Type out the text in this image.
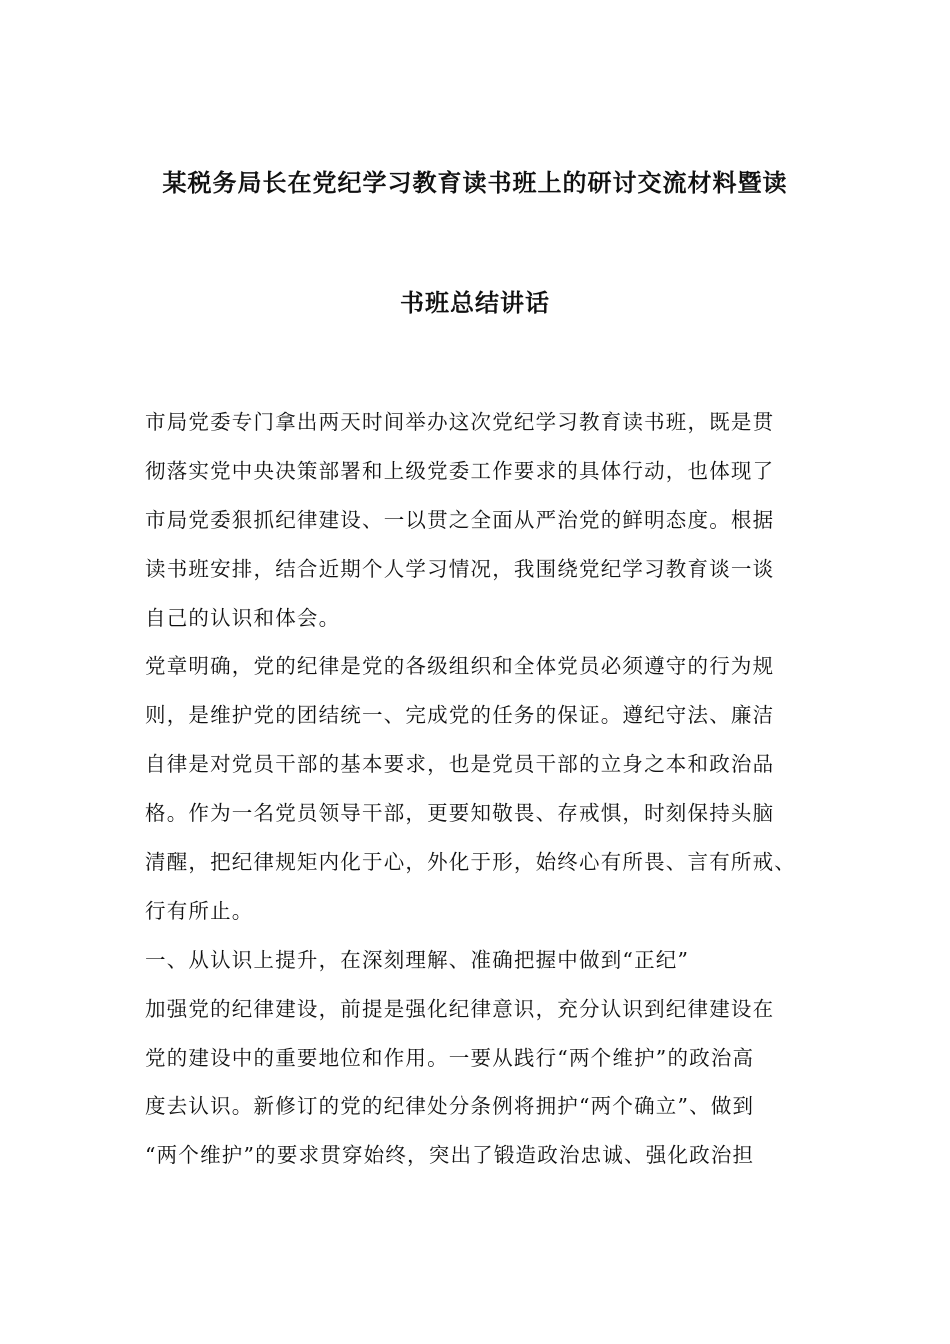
某税务局长在党纪学习教育读书班上的研讨交流材料暨读
书班总结讲话
市局党委专门拿出两天时间举办这次党纪学习教育读书班，既是贯
彻落实党中央决策部署和上级党委工作要求的具体行动，也体现了
市局党委狠抓纪律建设、一以贯之全面从严治党的鲜明态度。根据
读书班安排，结合近期个人学习情况，我围绕党纪学习教育谈一谈
自己的认识和体会。
党章明确，党的纪律是党的各级组织和全体党员必须遵守的行为规
则，是维护党的团结统一、完成党的任务的保证。遵纪守法、廉洁
自律是对党员干部的基本要求，也是党员干部的立身之本和政治品
格。作为一名党员领导干部，更要知敬畏、存戒惧，时刻保持头脑
清醒，把纪律规矩内化于心，外化于形，始终心有所畏、言有所戒、
行有所止。
一、从认识上提升，在深刻理解、准确把握中做到“正纪”
加强党的纪律建设，前提是强化纪律意识，充分认识到纪律建设在
党的建设中的重要地位和作用。一要从践行“两个维护”的政治高
度去认识。新修订的党的纪律处分条例将拥护“两个确立”、做到
“两个维护”的要求贯穿始终，突出了锻造政治忠诚、强化政治担
